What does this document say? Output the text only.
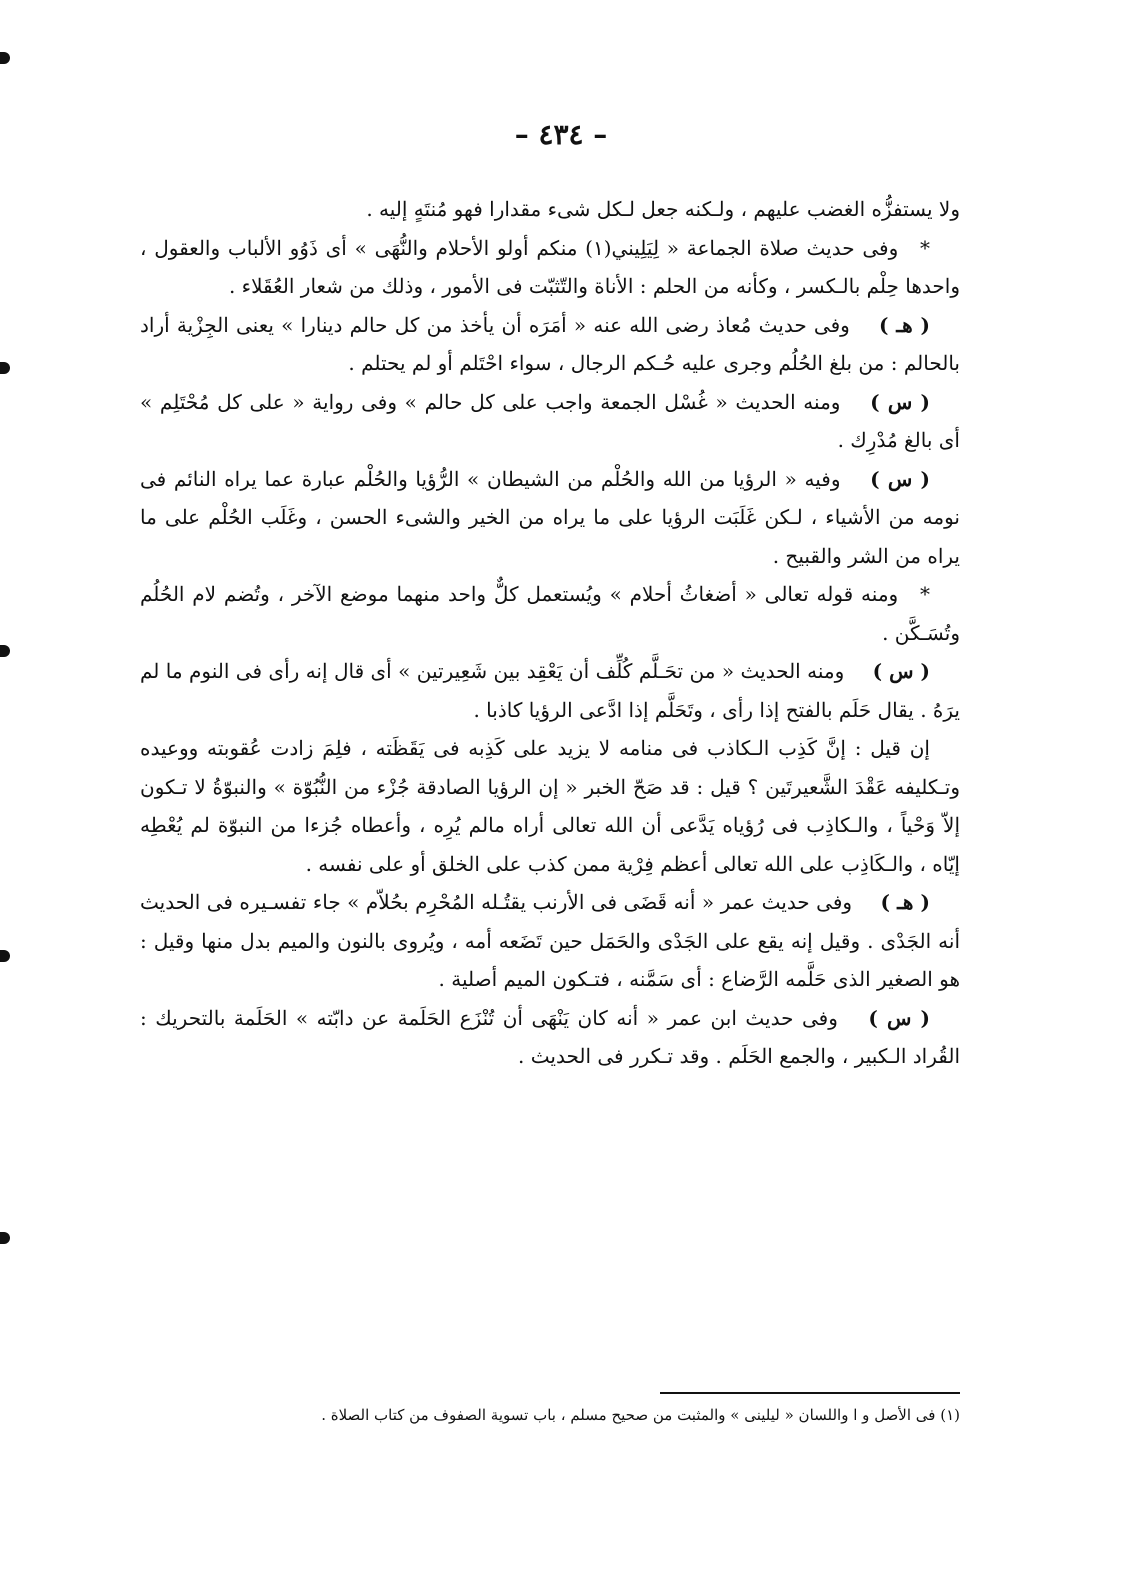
– ٤٣٤ –

ولا يستفزُّه الغضب عليهم ، ولـكنه جعل لـكل شىء مقدارا فهو مُنتَهٍ إليه .

* وفى حديث صلاة الجماعة « لِيَلِيني(١) منكم أولو الأحلام والنُّهَى » أى ذَوُو الألباب والعقول ، واحدها حِلْم بالـكسر ، وكأنه من الحلم : الأناة والتّثبّت فى الأمور ، وذلك من شعار العُقَلاء .

( هـ ) وفى حديث مُعاذ رضى الله عنه « أمَرَه أن يأخذ من كل حالم دينارا » يعنى الجِزْية أراد بالحالم : من بلغ الحُلُم وجرى عليه حُـكم الرجال ، سواء احْتَلم أو لم يحتلم .

( س ) ومنه الحديث « غُسْل الجمعة واجب على كل حالم » وفى رواية « على كل مُحْتَلِم » أى بالغ مُدْرِك .

( س ) وفيه « الرؤيا من الله والحُلْم من الشيطان » الرُّؤيا والحُلْم عبارة عما يراه النائم فى نومه من الأشياء ، لـكن غَلَبَت الرؤيا على ما يراه من الخير والشىء الحسن ، وغَلَب الحُلْم على ما يراه من الشر والقبيح .

* ومنه قوله تعالى « أضغاثُ أحلام » ويُستعمل كلٌّ واحد منهما موضع الآخر ، وتُضم لام الحُلُم وتُسَـكَّن .

( س ) ومنه الحديث « من تحَـلَّم كُلِّف أن يَعْقِد بين شَعِيرتين » أى قال إنه رأى فى النوم ما لم يرَهُ . يقال حَلَم بالفتح إذا رأى ، وتَحَلَّم إذا ادَّعى الرؤيا كاذبا .

إن قيل : إنَّ كَذِب الـكاذب فى منامه لا يزيد على كَذِبه فى يَقَظَته ، فلِمَ زادت عُقوبته ووعيده وتـكليفه عَقْدَ الشَّعيرتَين ؟ قيل : قد صَحّ الخبر « إن الرؤيا الصادقة جُزْء من النُّبُوّة » والنبوّةُ لا تـكون إلاّ وَحْياً ، والـكاذِب فى رُؤياه يَدَّعى أن الله تعالى أراه مالم يُرِه ، وأعطاه جُزءا من النبوّة لم يُعْطِه إيّاه ، والـكَاذِب على الله تعالى أعظم فِرْية ممن كذب على الخلق أو على نفسه .

( هـ ) وفى حديث عمر « أنه قَضَى فى الأرنب يقتُـله المُحْرِم بحُلاّم » جاء تفسـيره فى الحديث أنه الجَدْى . وقيل إنه يقع على الجَدْى والحَمَل حين تَضَعه أمه ، ويُروى بالنون والميم بدل منها وقيل : هو الصغير الذى حَلَّمه الرَّضاع : أى سَمَّنه ، فتـكون الميم أصلية .

( س ) وفى حديث ابن عمر « أنه كان يَنْهَى أن تُنْزَع الحَلَمة عن دابّته » الحَلَمة بالتحريك : القُراد الـكبير ، والجمع الحَلَم . وقد تـكرر فى الحديث .

(١) فى الأصل و ا واللسان « ليلينى » والمثبت من صحيح مسلم ، باب تسوية الصفوف من كتاب الصلاة .
